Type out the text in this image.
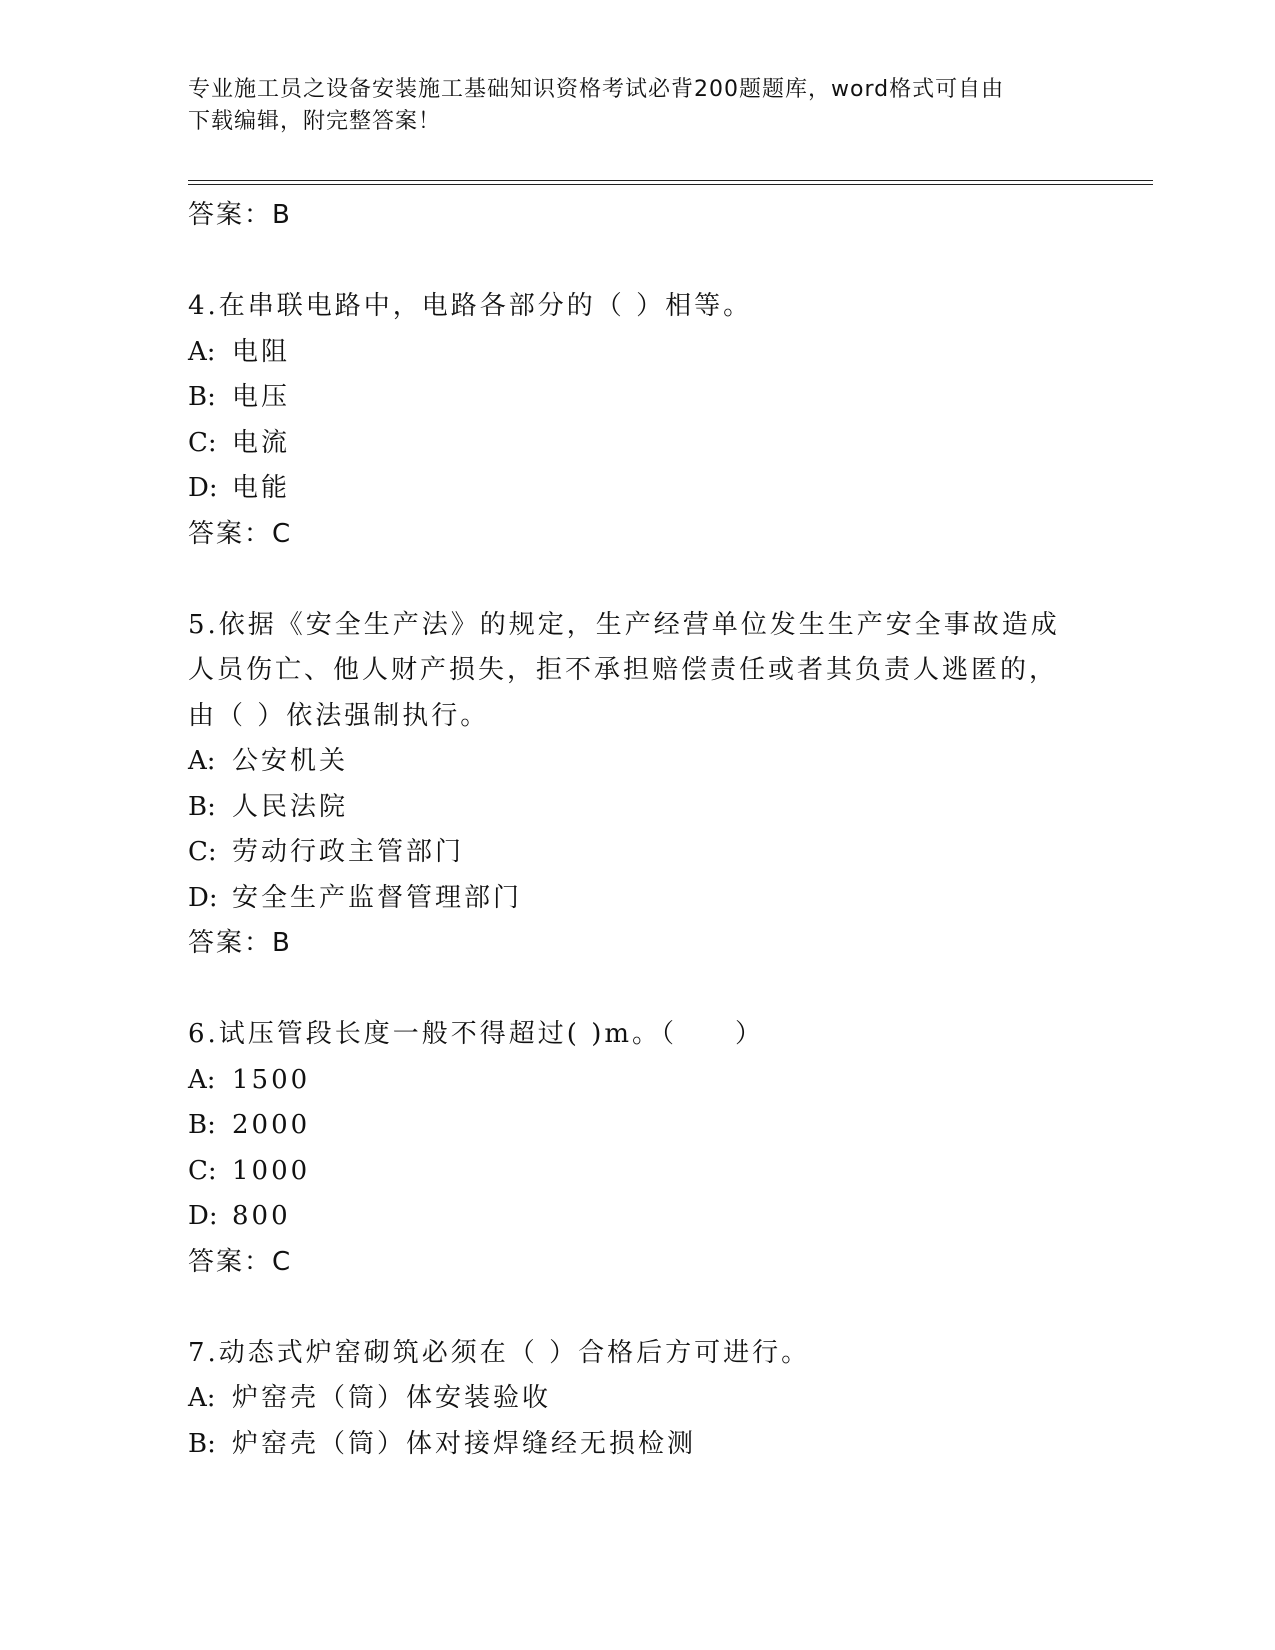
专业施工员之设备安装施工基础知识资格考试必背200题题库，word格式可自由
下载编辑，附完整答案！
答案：B
4.在串联电路中，电路各部分的（ ）相等。
A: 电阻
B: 电压
C: 电流
D: 电能
答案：C
5.依据《安全生产法》的规定，生产经营单位发生生产安全事故造成
人员伤亡、他人财产损失，拒不承担赔偿责任或者其负责人逃匿的，
由（ ）依法强制执行。
A: 公安机关
B: 人民法院
C: 劳动行政主管部门
D: 安全生产监督管理部门
答案：B
6.试压管段长度一般不得超过( )m。（　　）
A: 1500
B: 2000
C: 1000
D: 800
答案：C
7.动态式炉窑砌筑必须在（ ）合格后方可进行。
A: 炉窑壳（筒）体安装验收
B: 炉窑壳（筒）体对接焊缝经无损检测
